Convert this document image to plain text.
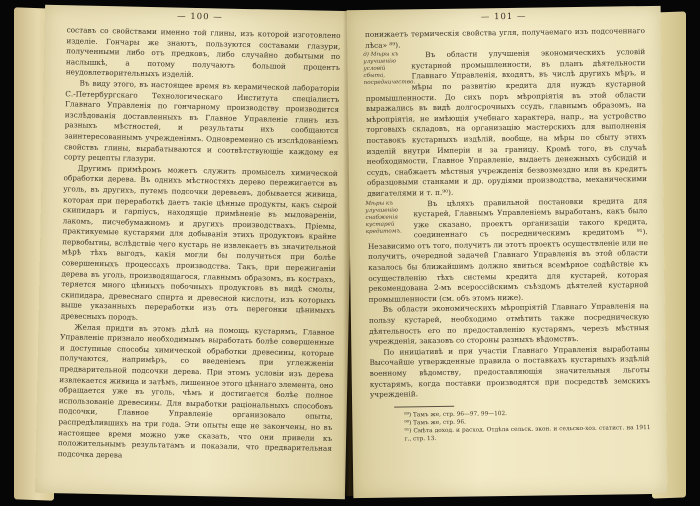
— 100 —

составъ со свойствами именно той глины, изъ которой изготовлено изделіе. Гончары же знаютъ, пользуются составами глазури, полученными либо отъ предковъ, либо случайно добытыми по наслышкѣ, а потому получаютъ большой процентъ неудовлетворительныхъ изделій.

Въ виду этого, въ настоящее время въ керамической лабораторіи С.-Петербургскаго Технологическаго Института спеціалистъ Главнаго Управленія по гончарному производству производится изслѣдованія доставленныхъ въ Главное Управленіе глинъ изъ разныхъ мѣстностей, и результаты ихъ сообщаются заинтересованнымъ учрежденіямъ. Одновременно съ изслѣдованіемъ свойствъ глины, вырабатываются и соотвѣтствующіе каждому ея сорту рецепты глазури.

Другимъ примѣромъ можетъ служить промыселъ химической обработки дерева. Въ однихъ мѣстностяхъ дерево пережигается въ уголь, въ другихъ, путемъ подсочки деревьевъ, добывается живица, которая при переработкѣ даетъ такіе цѣнные продукты, какъ сырой скипидаръ и гарпіусъ, находящіе примѣненіе въ мыловареніи, лакомъ, писчебумажномъ и другихъ производствахъ. Пріемы, практикуемые кустарями для добыванія этихъ продуктовъ крайне первобытны, вслѣдствіе чего кустарь не извлекаетъ въ значительной мѣрѣ тѣхъ выгодъ, какія могли бы получиться при болѣе совершенныхъ процессахъ производства. Такъ, при пережиганіи дерева въ уголь, производящагося, главнымъ образомъ, въ кострахъ, теряется много цѣнныхъ побочныхъ продуктовъ въ видѣ смолы, скипидара, древеснаго спирта и древесной кислоты, изъ которыхъ выше указанныхъ переработки изъ отъ перегонки цѣнимыхъ древесныхъ породъ.

Желая придти въ этомъ дѣлѣ на помощь кустарямъ, Главное Управленіе признало необходимымъ выработать болѣе совершенные и доступные способы химической обработки древесины, которые получаются, напримѣръ, со введеніемъ при углежженіи предварительной подсочки дерева. При этомъ условіи изъ дерева извлекается живица и затѣмъ, лишенное этого цѣннаго элемента, оно обращается уже въ уголь, чѣмъ и достигается болѣе полное использованіе древесины. Для выработки раціональныхъ способовъ подсочки, Главное Управленіе организовало опыты, распредѣлившихъ на три года. Эти опыты еще не закончены, но въ настоящее время можно уже сказать, что они привели къ положительнымъ результатамъ и показали, что предварительная подсочка дерева

— 101 —

понижаетъ термическія свойства угля, получаемаго изъ подсоченнаго лѣса» ⁸⁹).

д) Мѣры къ улучшенію условій сбыта, посредничество.

Въ области улучшенія экономическихъ условій кустарной промышленности, въ планъ дѣятельности Главнаго Управленія, входятъ, въ числѣ другихъ мѣръ, и мѣры по развитію кредита для нуждъ кустарной промышленности. До сихъ поръ мѣропріятія въ этой области выражались въ видѣ долгосрочныхъ ссудъ, главнымъ образомъ, на мѣропріятія, не имѣющія учебнаго характера, напр., на устройство торговыхъ складовъ, на организацію мастерскихъ для выполненія поставокъ кустарныхъ издѣлій, вообще, на мѣры по сбыту этихъ изделій внутри Имперіи и за границу. Кромѣ того, въ случаѣ необходимости, Главное Управленіе, выдаетъ денежныхъ субсидій и ссудъ, снабжаетъ мѣстныя учрежденія безвозмездно или въ кредитъ образцовыми станками и др. орудіями производства, механическими двигателями и т. п.⁹⁰).

Мѣры къ улучшенію снабженія кустарей кредитомъ.

Въ цѣляхъ правильной постановки кредита для кустарей, Главнымъ Управленіемъ выработанъ, какъ было уже сказано, проектъ организаціи такого кредита, соединеннаго съ посредническимъ кредитомъ ⁹¹). Независимо отъ того, получитъ ли этотъ проектъ осуществленіе или не получитъ, очередной задачей Главнаго Управленія въ этой области казалось бы ближайшимъ должно явиться всемѣрное содѣйствіе къ осуществленію тѣхъ системы кредита для кустарей, которая рекомендована 2-мъ всероссійскимъ съѣздомъ дѣятелей кустарной промышленности (см. объ этомъ ниже).

Въ области экономическихъ мѣропріятій Главнаго Управленія на пользу кустарей, необходимо отмѣтить также посредническую дѣятельность его по предоставленію кустарямъ, черезъ мѣстныя учрежденія, заказовъ со стороны разныхъ вѣдомствъ.

По иниціативѣ и при участіи Главнаго Управленія выработаны Высочайше утвержденные правила о поставкахъ кустарныхъ издѣлій военному вѣдомству, предоставляющія значительныя льготы кустарямъ, когда поставки производятся при посредствѣ земскихъ учрежденій.

⁸⁹) Тамъ же, стр. 96—97, 99—102.
⁹⁰) Тамъ же, стр. 96.
⁹¹) Смѣта доход. и расход. Отдѣла сельск. экон. и сельско-хоз. статист. на 1911 г., стр. 13.
